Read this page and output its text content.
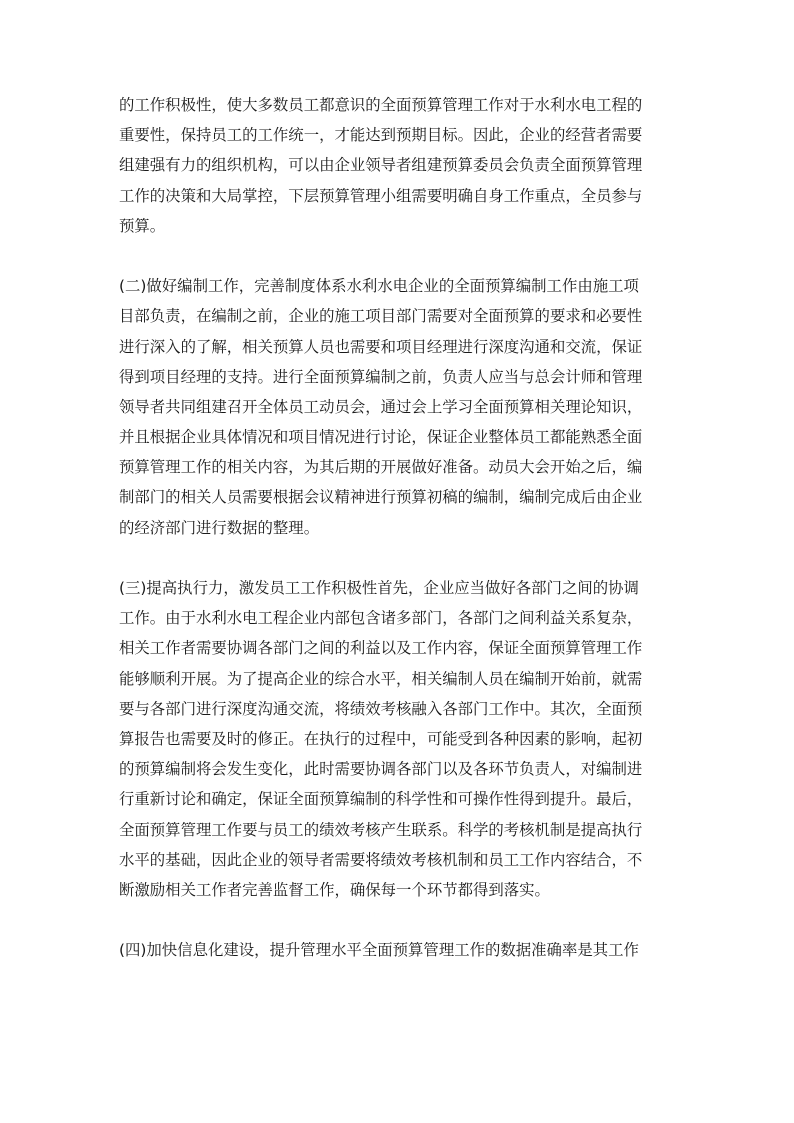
的工作积极性，使大多数员工都意识的全面预算管理工作对于水利水电工程的
重要性，保持员工的工作统一，才能达到预期目标。因此，企业的经营者需要
组建强有力的组织机构，可以由企业领导者组建预算委员会负责全面预算管理
工作的决策和大局掌控，下层预算管理小组需要明确自身工作重点，全员参与
预算。

(二)做好编制工作，完善制度体系水利水电企业的全面预算编制工作由施工项
目部负责，在编制之前，企业的施工项目部门需要对全面预算的要求和必要性
进行深入的了解，相关预算人员也需要和项目经理进行深度沟通和交流，保证
得到项目经理的支持。进行全面预算编制之前，负责人应当与总会计师和管理
领导者共同组建召开全体员工动员会，通过会上学习全面预算相关理论知识，
并且根据企业具体情况和项目情况进行讨论，保证企业整体员工都能熟悉全面
预算管理工作的相关内容，为其后期的开展做好准备。动员大会开始之后，编
制部门的相关人员需要根据会议精神进行预算初稿的编制，编制完成后由企业
的经济部门进行数据的整理。

(三)提高执行力，激发员工工作积极性首先，企业应当做好各部门之间的协调
工作。由于水利水电工程企业内部包含诸多部门，各部门之间利益关系复杂，
相关工作者需要协调各部门之间的利益以及工作内容，保证全面预算管理工作
能够顺利开展。为了提高企业的综合水平，相关编制人员在编制开始前，就需
要与各部门进行深度沟通交流，将绩效考核融入各部门工作中。其次，全面预
算报告也需要及时的修正。在执行的过程中，可能受到各种因素的影响，起初
的预算编制将会发生变化，此时需要协调各部门以及各环节负责人，对编制进
行重新讨论和确定，保证全面预算编制的科学性和可操作性得到提升。最后，
全面预算管理工作要与员工的绩效考核产生联系。科学的考核机制是提高执行
水平的基础，因此企业的领导者需要将绩效考核机制和员工工作内容结合，不
断激励相关工作者完善监督工作，确保每一个环节都得到落实。

(四)加快信息化建设，提升管理水平全面预算管理工作的数据准确率是其工作
